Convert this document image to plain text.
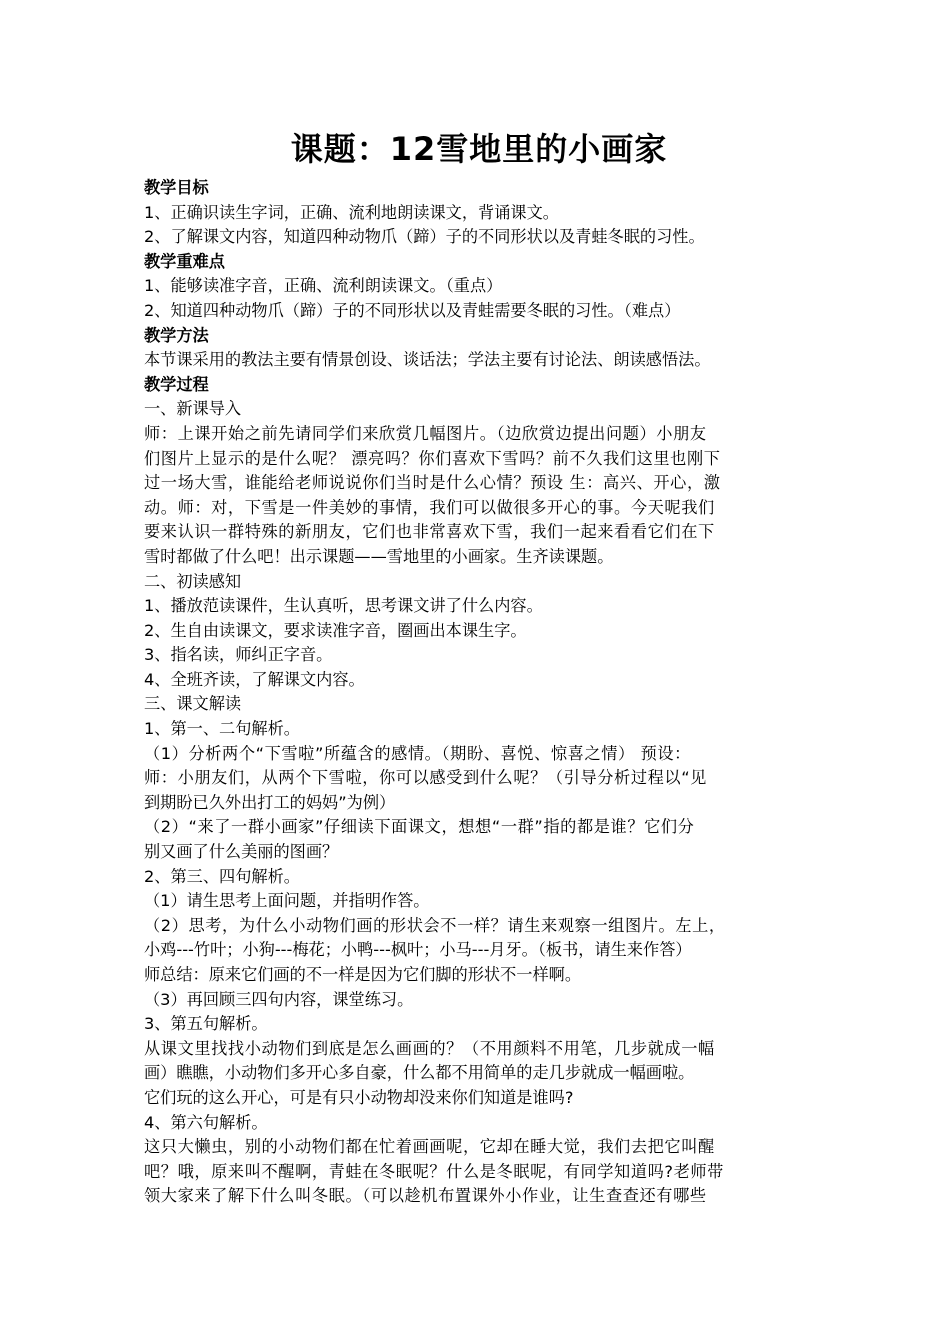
课题：12雪地里的小画家
教学目标
1、正确识读生字词，正确、流利地朗读课文，背诵课文。
2、了解课文内容，知道四种动物爪（蹄）子的不同形状以及青蛙冬眠的习性。
教学重难点
1、能够读准字音，正确、流利朗读课文。（重点）
2、知道四种动物爪（蹄）子的不同形状以及青蛙需要冬眠的习性。（难点）
教学方法
本节课采用的教法主要有情景创设、谈话法；学法主要有讨论法、朗读感悟法。
教学过程
一、新课导入
师：上课开始之前先请同学们来欣赏几幅图片。（边欣赏边提出问题）小朋友
们图片上显示的是什么呢？ 漂亮吗？你们喜欢下雪吗？前不久我们这里也刚下
过一场大雪，谁能给老师说说你们当时是什么心情？预设 生：高兴、开心，激
动。师：对，下雪是一件美妙的事情，我们可以做很多开心的事。今天呢我们
要来认识一群特殊的新朋友，它们也非常喜欢下雪，我们一起来看看它们在下
雪时都做了什么吧！出示课题——雪地里的小画家。生齐读课题。
二、初读感知
1、播放范读课件，生认真听，思考课文讲了什么内容。
2、生自由读课文，要求读准字音，圈画出本课生字。
3、指名读，师纠正字音。
4、全班齐读，了解课文内容。
三、课文解读
1、第一、二句解析。
（1）分析两个“下雪啦”所蕴含的感情。（期盼、喜悦、惊喜之情） 预设：
师：小朋友们，从两个下雪啦，你可以感受到什么呢？（引导分析过程以“见
到期盼已久外出打工的妈妈”为例）
（2）“来了一群小画家”仔细读下面课文，想想“一群”指的都是谁？它们分
别又画了什么美丽的图画？
2、第三、四句解析。
（1）请生思考上面问题，并指明作答。
（2）思考，为什么小动物们画的形状会不一样？请生来观察一组图片。左上，
小鸡---竹叶；小狗---梅花；小鸭---枫叶；小马---月牙。（板书，请生来作答）
师总结：原来它们画的不一样是因为它们脚的形状不一样啊。
（3）再回顾三四句内容，课堂练习。
3、第五句解析。
从课文里找找小动物们到底是怎么画画的？（不用颜料不用笔，几步就成一幅
画）瞧瞧，小动物们多开心多自豪，什么都不用简单的走几步就成一幅画啦。
它们玩的这么开心，可是有只小动物却没来你们知道是谁吗?
4、第六句解析。
这只大懒虫，别的小动物们都在忙着画画呢，它却在睡大觉，我们去把它叫醒
吧？哦，原来叫不醒啊，青蛙在冬眠呢？什么是冬眠呢，有同学知道吗?老师带
领大家来了解下什么叫冬眠。（可以趁机布置课外小作业，让生查查还有哪些
